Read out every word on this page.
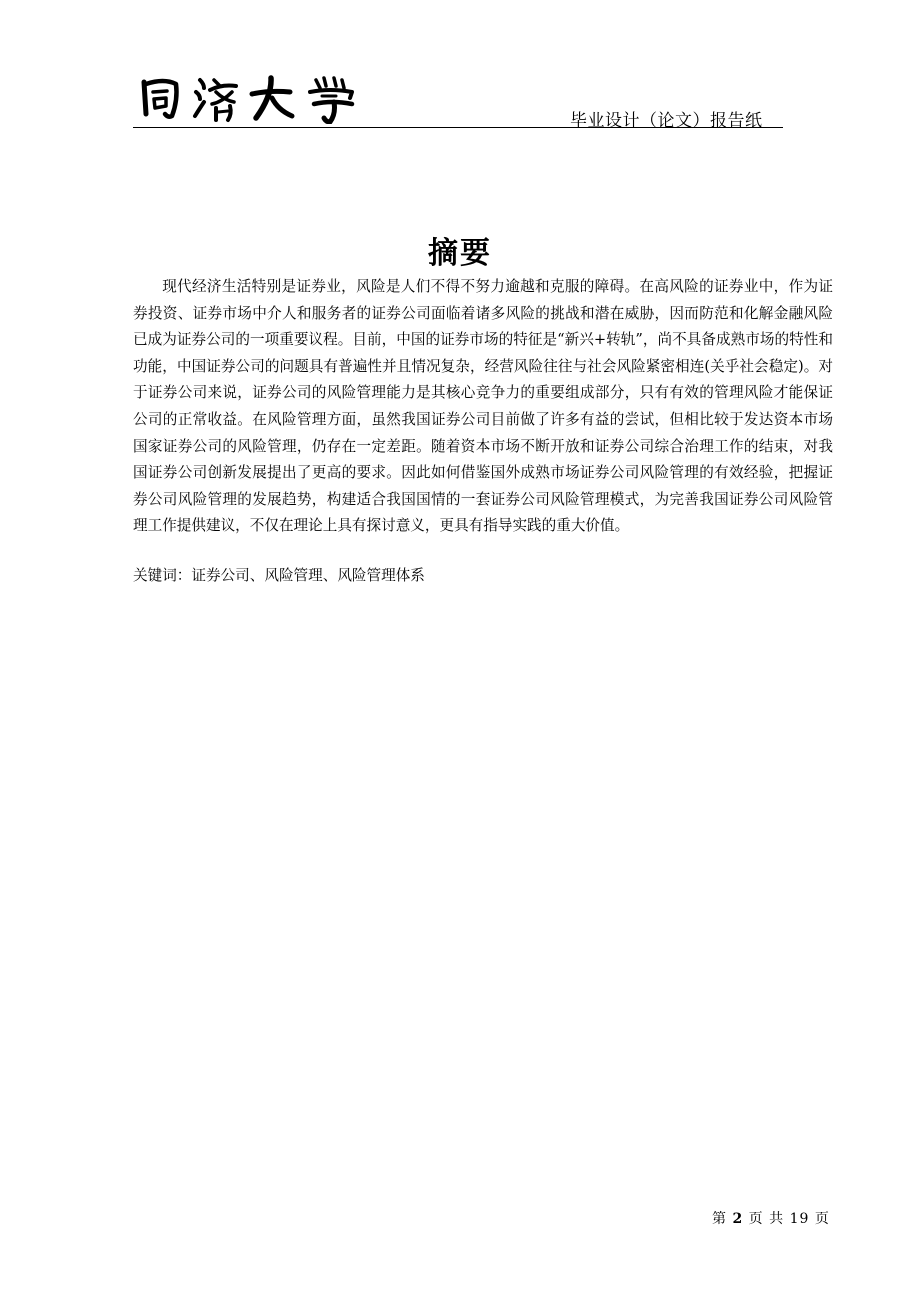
毕业设计（论文）报告纸
摘要

现代经济生活特别是证券业，风险是人们不得不努力逾越和克服的障碍。在高风险的证券业中，作为证券投资、证券市场中介人和服务者的证券公司面临着诸多风险的挑战和潜在威胁，因而防范和化解金融风险已成为证券公司的一项重要议程。目前，中国的证券市场的特征是“新兴+转轨”，尚不具备成熟市场的特性和功能，中国证券公司的问题具有普遍性并且情况复杂，经营风险往往与社会风险紧密相连(关乎社会稳定)。对于证券公司来说，证券公司的风险管理能力是其核心竞争力的重要组成部分，只有有效的管理风险才能保证公司的正常收益。在风险管理方面，虽然我国证券公司目前做了许多有益的尝试，但相比较于发达资本市场国家证券公司的风险管理，仍存在一定差距。随着资本市场不断开放和证券公司综合治理工作的结束，对我国证券公司创新发展提出了更高的要求。因此如何借鉴国外成熟市场证券公司风险管理的有效经验，把握证券公司风险管理的发展趋势，构建适合我国国情的一套证券公司风险管理模式，为完善我国证券公司风险管理工作提供建议，不仅在理论上具有探讨意义，更具有指导实践的重大价值。

关键词：证券公司、风险管理、风险管理体系
第 2 页 共 19 页
